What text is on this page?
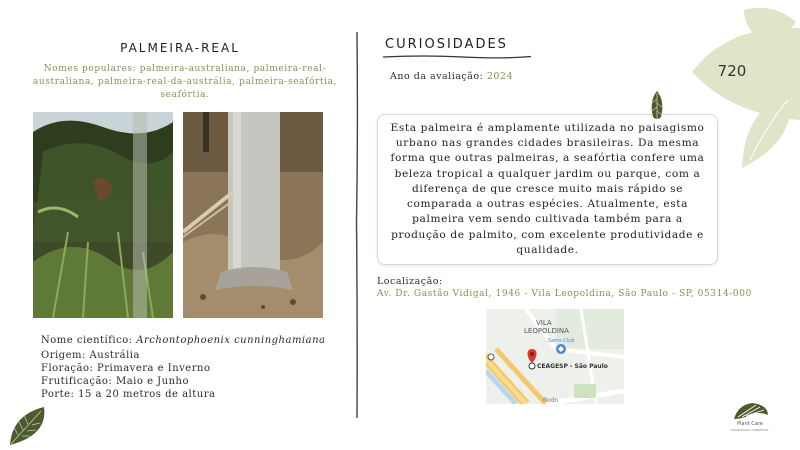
PALMEIRA-REAL
Nomes populares: palmeira-australiana, palmeira-real-australiana, palmeira-real-da-austrália, palmeira-seafórtia, seafórtia.
Nome científico: Archontophoenix cunninghamiana
Origem: Austrália
Floração: Primavera e Inverno
Frutificação: Maio e Junho
Porte: 15 a 20 metros de altura
CURIOSIDADES
Ano da avaliação: 2024
Esta palmeira é amplamente utilizada no paisagismo urbano nas grandes cidades brasileiras. Da mesma forma que outras palmeiras, a seafórtia confere uma beleza tropical a qualquer jardim ou parque, com a diferença de que cresce muito mais rápido se comparada a outras espécies. Atualmente, esta palmeira vem sendo cultivada também para a produção de palmito, com excelente produtividade e qualidade.
Localização:
Av. Dr. Gastão Vidigal, 1946 - Vila Leopoldina, São Paulo - SP, 05314-000
VILA
LEOPOLDINA
Sams Club
CEAGESP - São Paulo
Rodo
720
Plant Care
ENGENHARIA AMBIENTAL
